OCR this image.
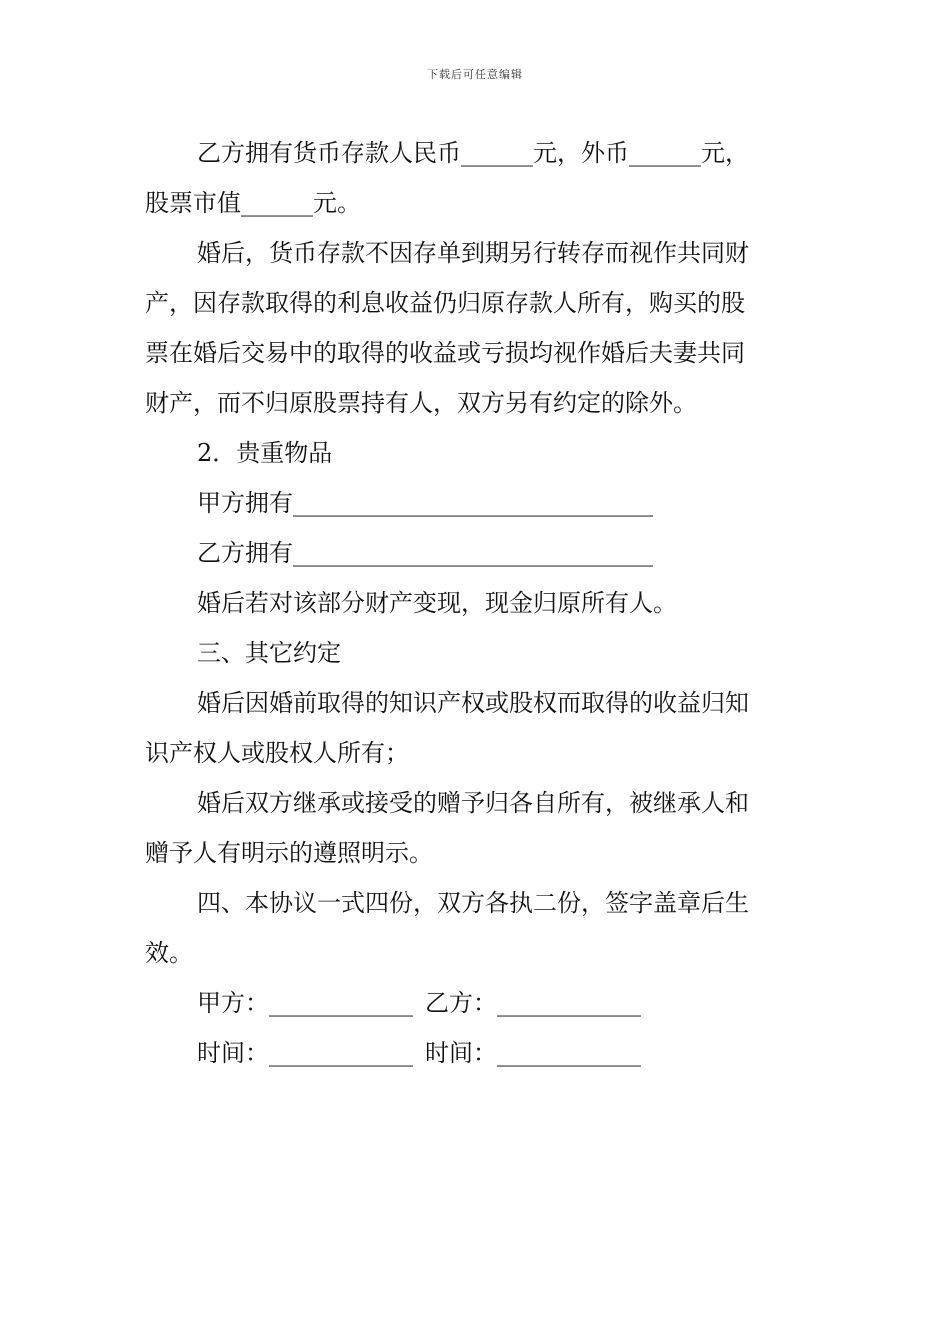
下载后可任意编辑

乙方拥有货币存款人民币______元，外币______元，

股票市值______元。

婚后，货币存款不因存单到期另行转存而视作共同财

产，因存款取得的利息收益仍归原存款人所有，购买的股

票在婚后交易中的取得的收益或亏损均视作婚后夫妻共同

财产，而不归原股票持有人，双方另有约定的除外。

2．贵重物品

甲方拥有______________________________

乙方拥有______________________________

婚后若对该部分财产变现，现金归原所有人。

三、其它约定

婚后因婚前取得的知识产权或股权而取得的收益归知

识产权人或股权人所有；

婚后双方继承或接受的赠予归各自所有，被继承人和

赠予人有明示的遵照明示。

四、本协议一式四份，双方各执二份，签字盖章后生

效。

甲方：____________ 乙方：____________
时间：____________ 时间：____________
